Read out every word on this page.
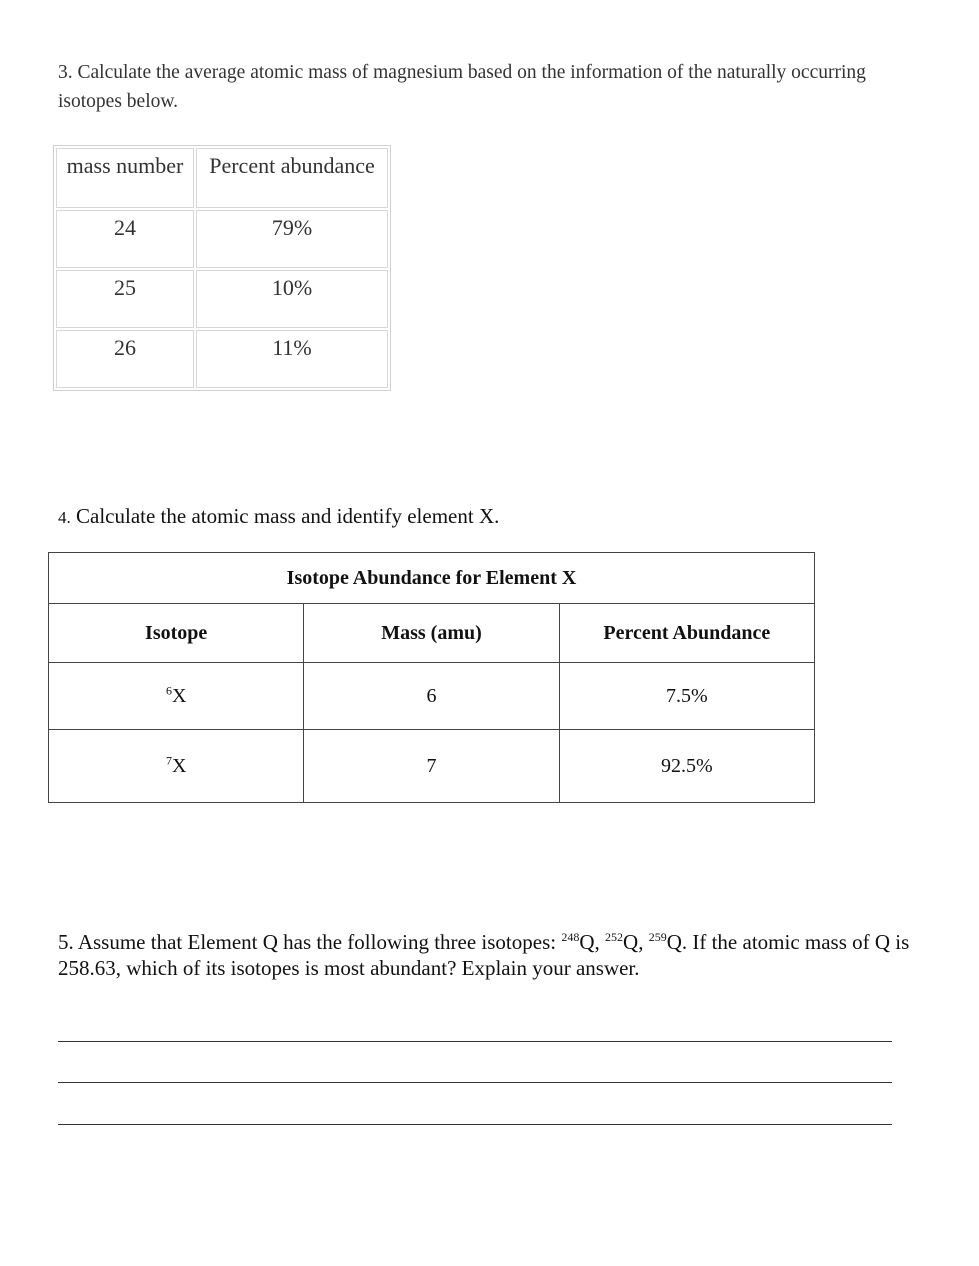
3. Calculate the average atomic mass of magnesium based on the information of the naturally occurring isotopes below.
mass number	Percent abundance
24	79%
25	10%
26	11%
4. Calculate the atomic mass and identify element X.
Isotope Abundance for Element X		
Isotope	Mass (amu)	Percent Abundance
$^6$X	6	7.5%
$^7$X	7	92.5%
5. Assume that Element Q has the following three isotopes: $^{248}$Q, $^{252}$Q, $^{259}$Q. If the atomic mass of Q is 258.63, which of its isotopes is most abundant? Explain your answer.
